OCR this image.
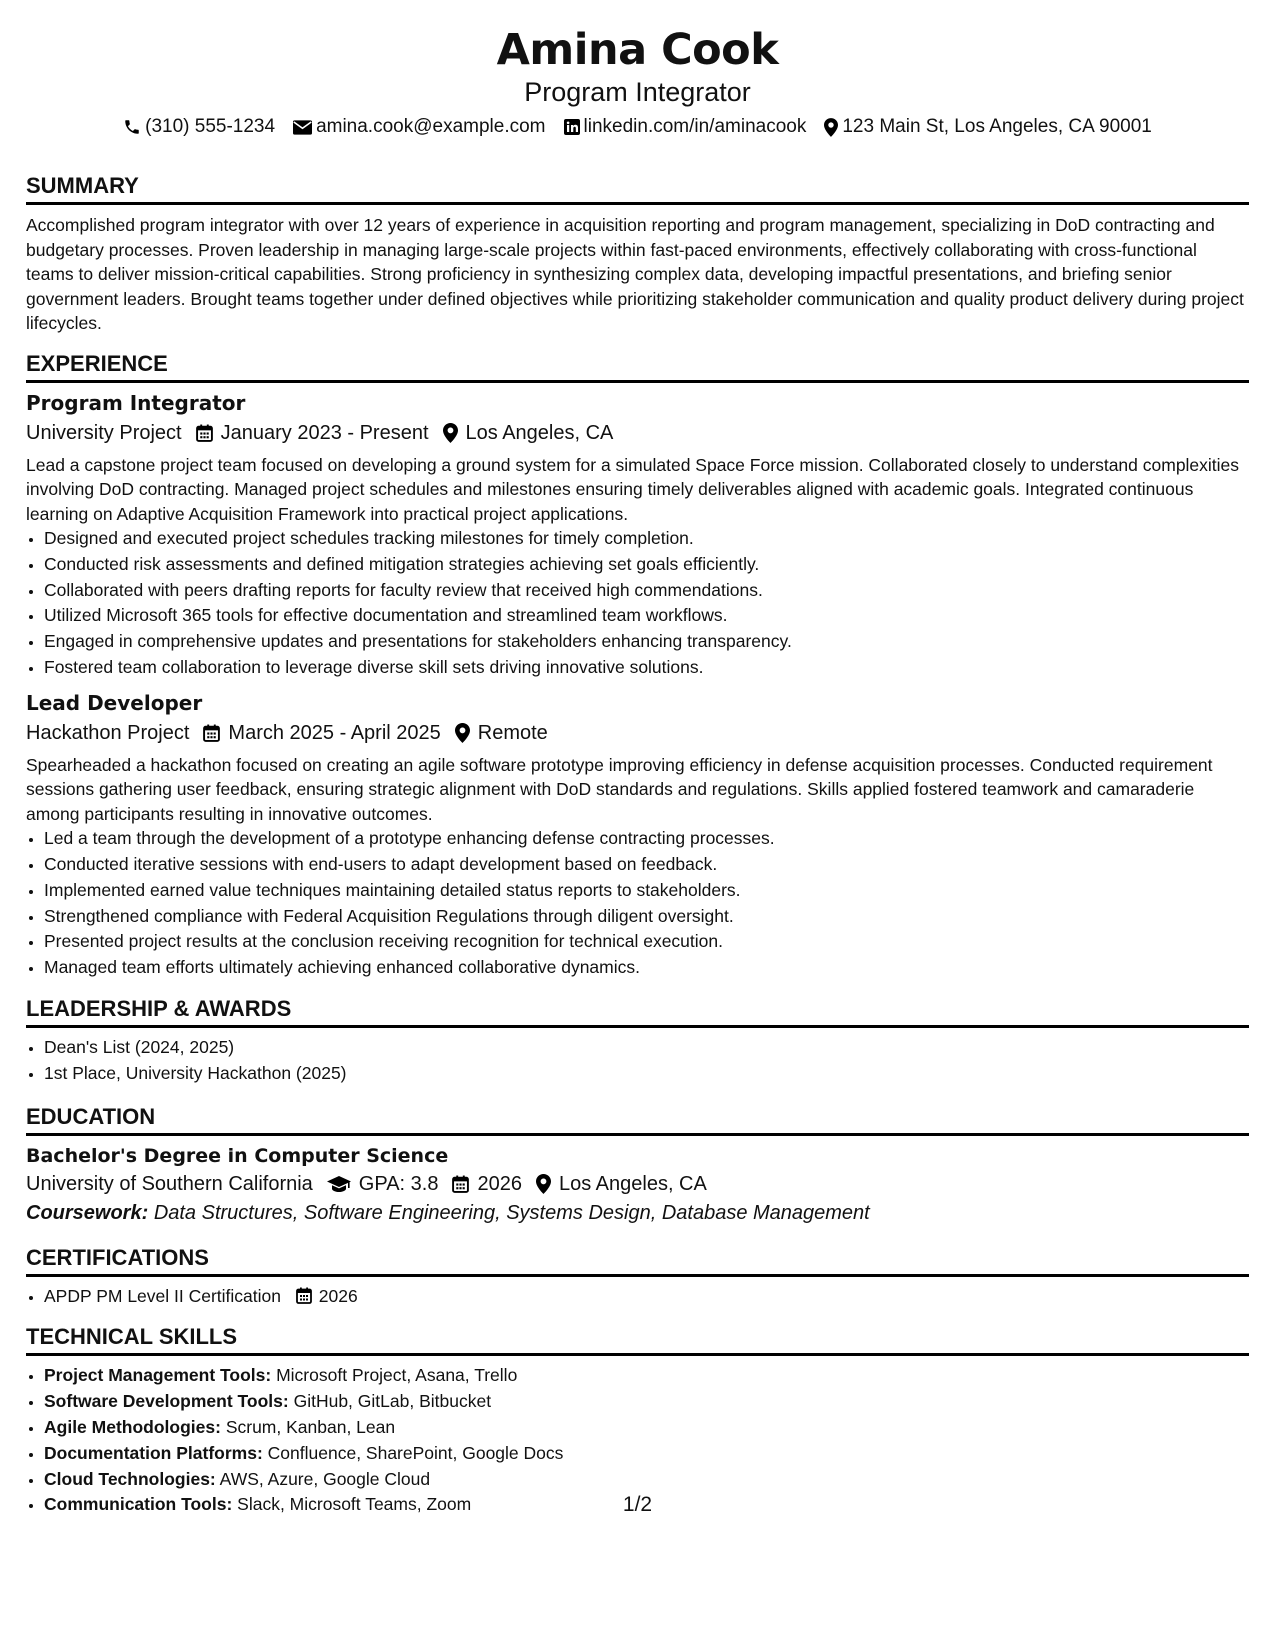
Amina Cook
Program Integrator
(310) 555-1234 amina.cook@example.com linkedin.com/in/aminacook 123 Main St, Los Angeles, CA 90001
SUMMARY
Accomplished program integrator with over 12 years of experience in acquisition reporting and program management, specializing in DoD contracting and budgetary processes. Proven leadership in managing large-scale projects within fast-paced environments, effectively collaborating with cross-functional teams to deliver mission-critical capabilities. Strong proficiency in synthesizing complex data, developing impactful presentations, and briefing senior government leaders. Brought teams together under defined objectives while prioritizing stakeholder communication and quality product delivery during project lifecycles.
EXPERIENCE
Program Integrator
University Project January 2023 - Present Los Angeles, CA
Lead a capstone project team focused on developing a ground system for a simulated Space Force mission. Collaborated closely to understand complexities involving DoD contracting. Managed project schedules and milestones ensuring timely deliverables aligned with academic goals. Integrated continuous learning on Adaptive Acquisition Framework into practical project applications.
• Designed and executed project schedules tracking milestones for timely completion.
• Conducted risk assessments and defined mitigation strategies achieving set goals efficiently.
• Collaborated with peers drafting reports for faculty review that received high commendations.
• Utilized Microsoft 365 tools for effective documentation and streamlined team workflows.
• Engaged in comprehensive updates and presentations for stakeholders enhancing transparency.
• Fostered team collaboration to leverage diverse skill sets driving innovative solutions.
Lead Developer
Hackathon Project March 2025 - April 2025 Remote
Spearheaded a hackathon focused on creating an agile software prototype improving efficiency in defense acquisition processes. Conducted requirement sessions gathering user feedback, ensuring strategic alignment with DoD standards and regulations. Skills applied fostered teamwork and camaraderie among participants resulting in innovative outcomes.
• Led a team through the development of a prototype enhancing defense contracting processes.
• Conducted iterative sessions with end-users to adapt development based on feedback.
• Implemented earned value techniques maintaining detailed status reports to stakeholders.
• Strengthened compliance with Federal Acquisition Regulations through diligent oversight.
• Presented project results at the conclusion receiving recognition for technical execution.
• Managed team efforts ultimately achieving enhanced collaborative dynamics.
LEADERSHIP & AWARDS
• Dean's List (2024, 2025)
• 1st Place, University Hackathon (2025)
EDUCATION
Bachelor's Degree in Computer Science
University of Southern California GPA: 3.8 2026 Los Angeles, CA
Coursework: Data Structures, Software Engineering, Systems Design, Database Management
CERTIFICATIONS
• APDP PM Level II Certification 2026
TECHNICAL SKILLS
• Project Management Tools: Microsoft Project, Asana, Trello
• Software Development Tools: GitHub, GitLab, Bitbucket
• Agile Methodologies: Scrum, Kanban, Lean
• Documentation Platforms: Confluence, SharePoint, Google Docs
• Cloud Technologies: AWS, Azure, Google Cloud
• Communication Tools: Slack, Microsoft Teams, Zoom	1/2
